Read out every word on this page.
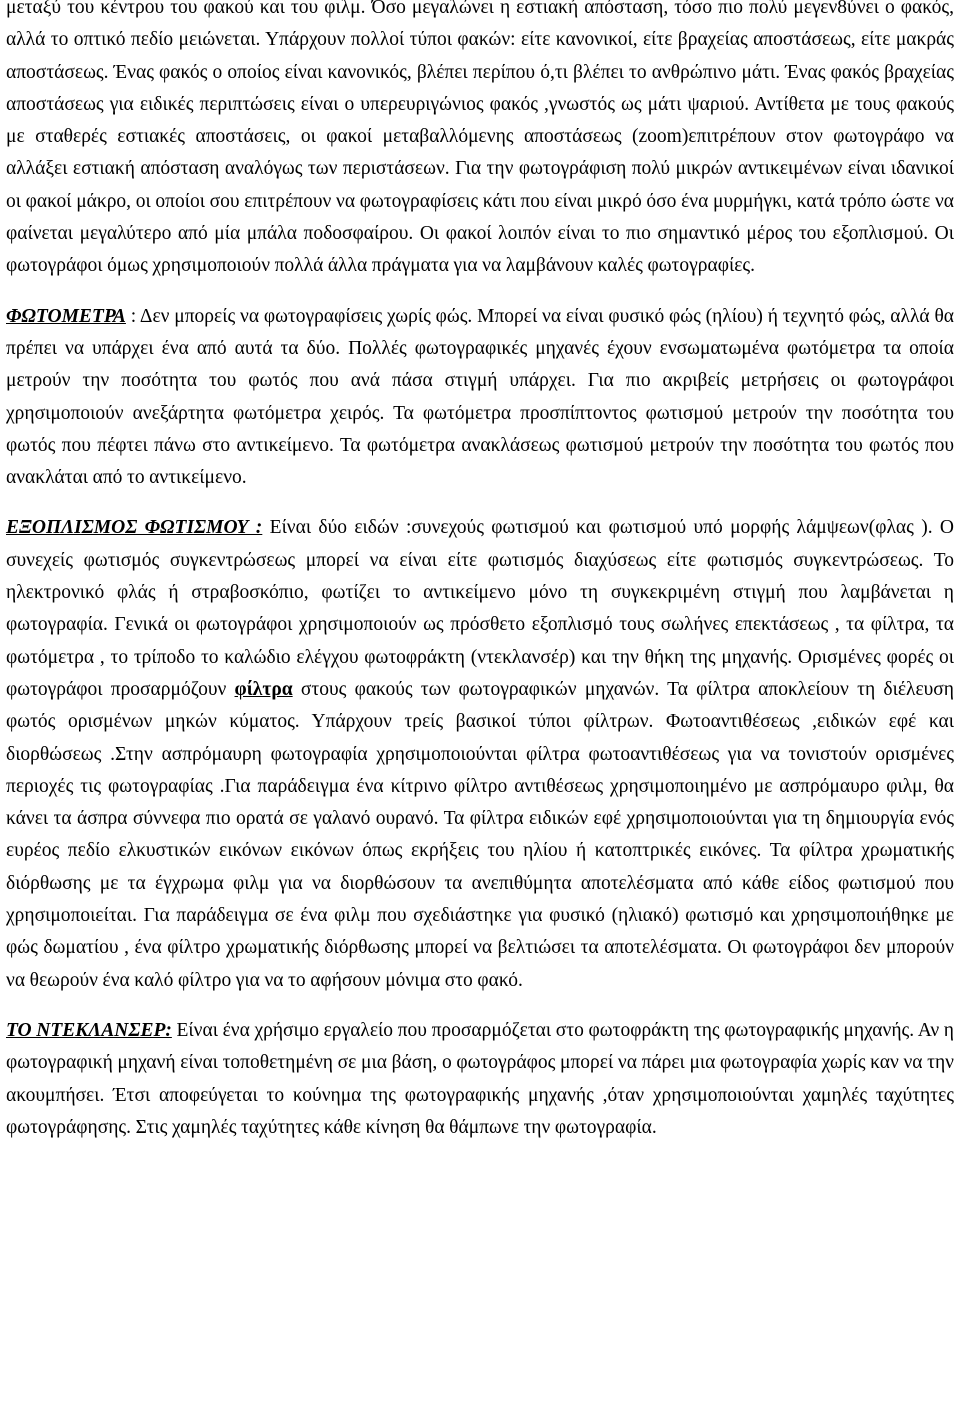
μεταξύ του κέντρου του φακού και του φιλμ. Όσο μεγαλώνει η εστιακή απόσταση, τόσο πιο πολύ μεγεν8ύνει ο φακός, αλλά το οπτικό πεδίο μειώνεται. Υπάρχουν πολλοί τύποι φακών: είτε κανονικοί, είτε βραχείας αποστάσεως, είτε μακράς αποστάσεως. Ένας φακός ο οποίος είναι κανονικός, βλέπει περίπου ό,τι βλέπει το ανθρώπινο μάτι. Ένας φακός βραχείας αποστάσεως για ειδικές περιπτώσεις είναι ο υπερευριγώνιος φακός ,γνωστός ως μάτι ψαριού. Αντίθετα με τους φακούς με σταθερές εστιακές αποστάσεις, οι φακοί μεταβαλλόμενης αποστάσεως (zoom)επιτρέπουν στον φωτογράφο να αλλάξει εστιακή απόσταση αναλόγως των περιστάσεων. Για την φωτογράφιση πολύ μικρών αντικειμένων είναι ιδανικοί οι φακοί μάκρο, οι οποίοι σου επιτρέπουν να φωτογραφίσεις κάτι που είναι μικρό όσο ένα μυρμήγκι, κατά τρόπο ώστε να φαίνεται μεγαλύτερο από μία μπάλα ποδοσφαίρου. Οι φακοί λοιπόν είναι το πιο σημαντικό μέρος του εξοπλισμού. Οι φωτογράφοι όμως χρησιμοποιούν πολλά άλλα πράγματα για να λαμβάνουν καλές φωτογραφίες.

ΦΩΤΟΜΕΤΡΑ : Δεν μπορείς να φωτογραφίσεις χωρίς φώς. Μπορεί να είναι φυσικό φώς (ηλίου) ή τεχνητό φώς, αλλά θα πρέπει να υπάρχει ένα από αυτά τα δύο. Πολλές φωτογραφικές μηχανές έχουν ενσωματωμένα φωτόμετρα τα οποία μετρούν την ποσότητα του φωτός που ανά πάσα στιγμή υπάρχει. Για πιο ακριβείς μετρήσεις οι φωτογράφοι χρησιμοποιούν ανεξάρτητα φωτόμετρα χειρός. Τα φωτόμετρα προσπίπτοντος φωτισμού μετρούν την ποσότητα του φωτός που πέφτει πάνω στο αντικείμενο. Τα φωτόμετρα ανακλάσεως φωτισμού μετρούν την ποσότητα του φωτός που ανακλάται από το αντικείμενο.

ΕΞΟΠΛΙΣΜΟΣ ΦΩΤΙΣΜΟΥ : Είναι δύο ειδών :συνεχούς φωτισμού και φωτισμού υπό μορφής λάμψεων(φλας ). Ο συνεχείς φωτισμός συγκεντρώσεως μπορεί να είναι είτε φωτισμός διαχύσεως είτε φωτισμός συγκεντρώσεως. Το ηλεκτρονικό φλάς ή στραβοσκόπιο, φωτίζει το αντικείμενο μόνο τη συγκεκριμένη στιγμή που λαμβάνεται η φωτογραφία. Γενικά οι φωτογράφοι χρησιμοποιούν ως πρόσθετο εξοπλισμό τους σωλήνες επεκτάσεως , τα φίλτρα, τα φωτόμετρα , το τρίποδο το καλώδιο ελέγχου φωτοφράκτη (ντεκλανσέρ) και την θήκη της μηχανής. Ορισμένες φορές οι φωτογράφοι προσαρμόζουν φίλτρα στους φακούς των φωτογραφικών μηχανών. Τα φίλτρα αποκλείουν τη διέλευση φωτός ορισμένων μηκών κύματος. Υπάρχουν τρείς βασικοί τύποι φίλτρων. Φωτοαντιθέσεως ,ειδικών εφέ και διορθώσεως .Στην ασπρόμαυρη φωτογραφία χρησιμοποιούνται φίλτρα φωτοαντιθέσεως για να τονιστούν ορισμένες περιοχές τις φωτογραφίας .Για παράδειγμα ένα κίτρινο φίλτρο αντιθέσεως χρησιμοποιημένο με ασπρόμαυρο φιλμ, θα κάνει τα άσπρα σύννεφα πιο ορατά σε γαλανό ουρανό. Τα φίλτρα ειδικών εφέ χρησιμοποιούνται για τη δημιουργία ενός ευρέος πεδίο ελκυστικών εικόνων εικόνων όπως εκρήξεις του ηλίου ή κατοπτρικές εικόνες. Τα φίλτρα χρωματικής διόρθωσης με τα έγχρωμα φιλμ για να διορθώσουν τα ανεπιθύμητα αποτελέσματα από κάθε είδος φωτισμού που χρησιμοποιείται. Για παράδειγμα σε ένα φιλμ που σχεδιάστηκε για φυσικό (ηλιακό) φωτισμό και χρησιμοποιήθηκε με φώς δωματίου , ένα φίλτρο χρωματικής διόρθωσης μπορεί να βελτιώσει τα αποτελέσματα. Οι φωτογράφοι δεν μπορούν να θεωρούν ένα καλό φίλτρο για να το αφήσουν μόνιμα στο φακό.

ΤΟ ΝΤΕΚΛΑΝΣΕΡ: Είναι ένα χρήσιμο εργαλείο που προσαρμόζεται στο φωτοφράκτη της φωτογραφικής μηχανής. Αν η φωτογραφική μηχανή είναι τοποθετημένη σε μια βάση, ο φωτογράφος μπορεί να πάρει μια φωτογραφία χωρίς καν να την ακουμπήσει. Έτσι αποφεύγεται το κούνημα της φωτογραφικής μηχανής ,όταν χρησιμοποιούνται χαμηλές ταχύτητες φωτογράφησης. Στις χαμηλές ταχύτητες κάθε κίνηση θα θάμπωνε την φωτογραφία.
